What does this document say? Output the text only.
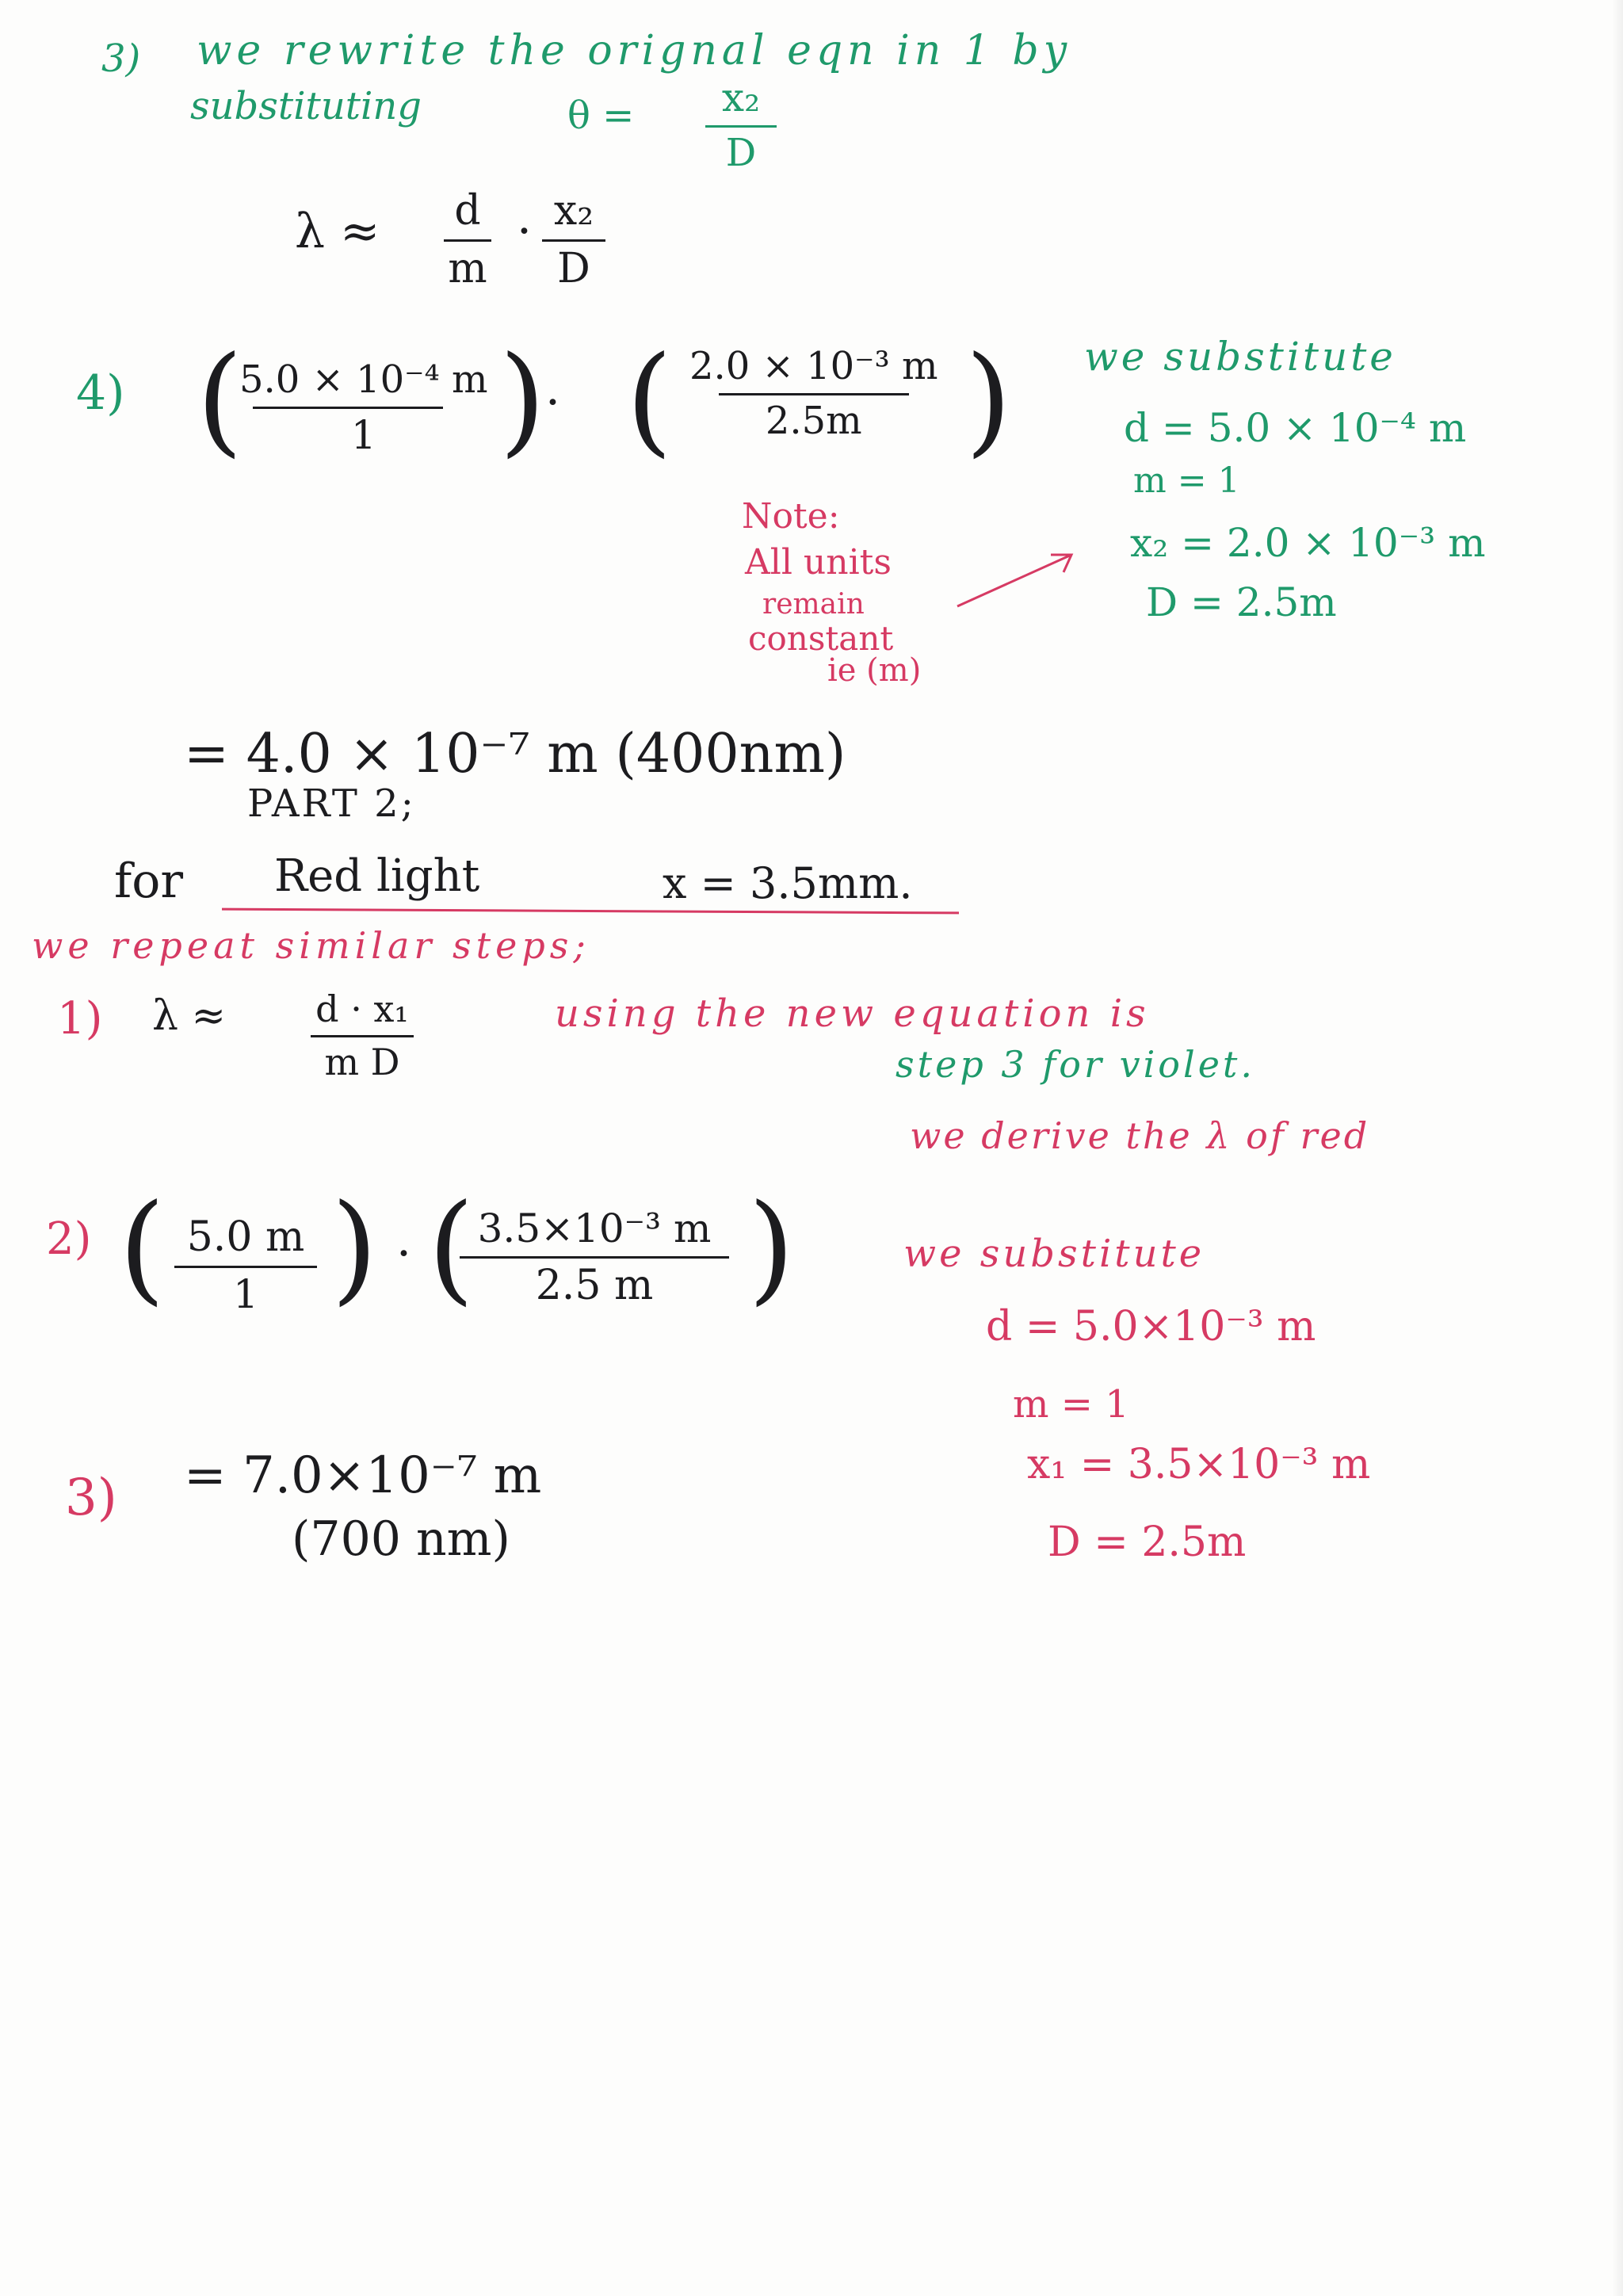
3) we rewrite the orignal eqn in 1 by
substituting	θ = x₂
D
λ ≈ d
m
· x₂
D
4) (
5.0 × 10⁻⁴ m
1 ) · ( 2.0 × 10⁻³ m
2.5m ) we substitute
d = 5.0 × 10⁻⁴ m
m = 1
x₂ = 2.0 × 10⁻³ m
D = 2.5m
Note:
All units
remain
constant
ie (m)
= 4.0 × 10⁻⁷ m (400nm)
PART 2;
for Red light	x = 3.5mm.
we repeat similar steps;
1) λ ≈ d · x₁
m D
using the new equation is
step 3 for violet.
we derive the λ of red
2) ( 5.0 m
1 ) · ( 3.5×10⁻³ m
2.5 m )	we substitute
d = 5.0×10⁻³ m
m = 1
x₁ = 3.5×10⁻³ m
D = 2.5m
3) = 7.0×10⁻⁷ m
(700 nm)
